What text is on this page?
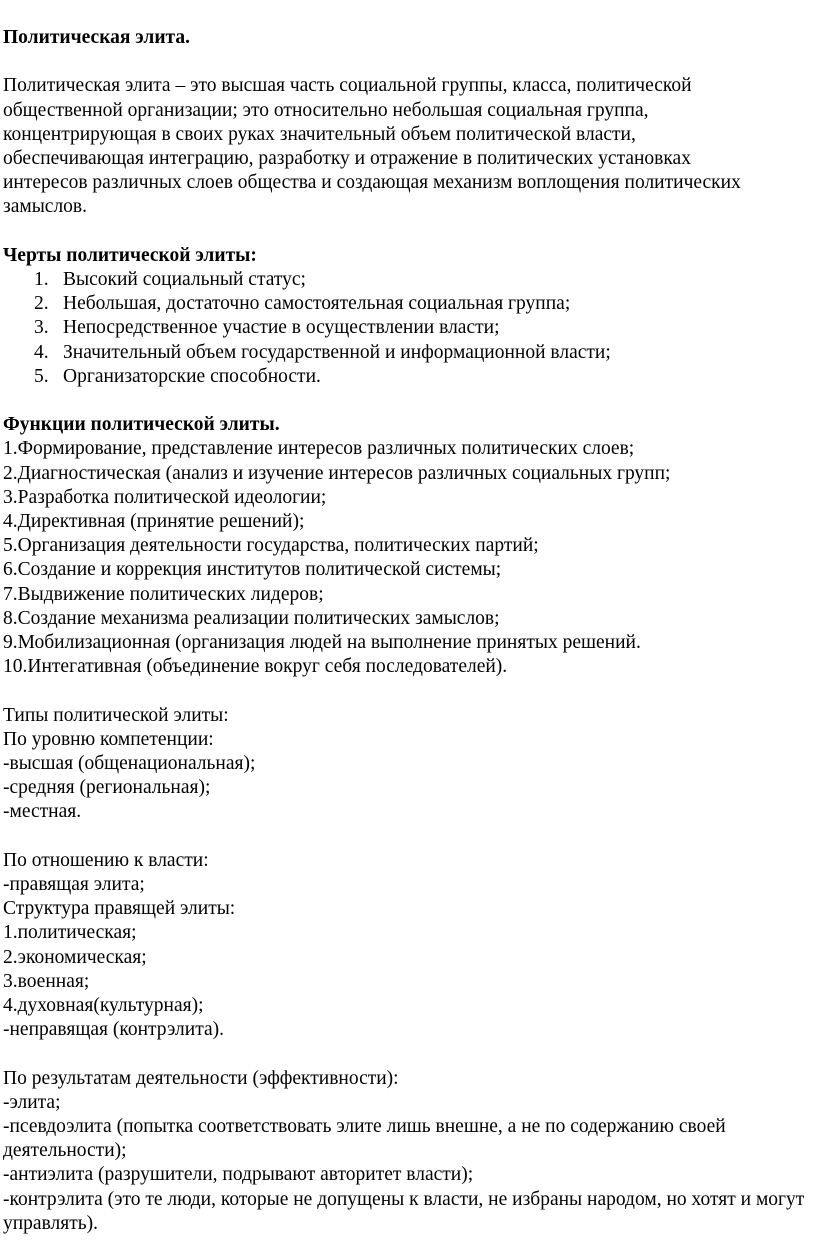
Политическая элита.
Политическая элита – это высшая часть социальной группы, класса, политической
общественной организации; это относительно небольшая социальная группа,
концентрирующая в своих руках значительный объем политической власти,
обеспечивающая интеграцию, разработку и отражение в политических установках
интересов различных слоев общества и создающая механизм воплощения политических
замыслов.
Черты политической элиты:
1. Высокий социальный статус;
2. Небольшая, достаточно самостоятельная социальная группа;
3. Непосредственное участие в осуществлении власти;
4. Значительный объем государственной и информационной власти;
5. Организаторские способности.
Функции политической элиты.
1.Формирование, представление интересов различных политических слоев;
2.Диагностическая (анализ и изучение интересов различных социальных групп;
3.Разработка политической идеологии;
4.Директивная (принятие решений);
5.Организация деятельности государства, политических партий;
6.Создание и коррекция институтов политической системы;
7.Выдвижение политических лидеров;
8.Создание механизма реализации политических замыслов;
9.Мобилизационная (организация людей на выполнение принятых решений.
10.Интегативная (объединение вокруг себя последователей).
Типы политической элиты:
По уровню компетенции:
-высшая (общенациональная);
-средняя (региональная);
-местная.
По отношению к власти:
-правящая элита;
Структура правящей элиты:
1.политическая;
2.экономическая;
3.военная;
4.духовная(культурная);
-неправящая (контрэлита).
По результатам деятельности (эффективности):
-элита;
-псевдоэлита (попытка соответствовать элите лишь внешне, а не по содержанию своей деятельности);
-антиэлита (разрушители, подрывают авторитет власти);
-контрэлита (это те люди, которые не допущены к власти, не избраны народом, но хотят и могут управлять).
